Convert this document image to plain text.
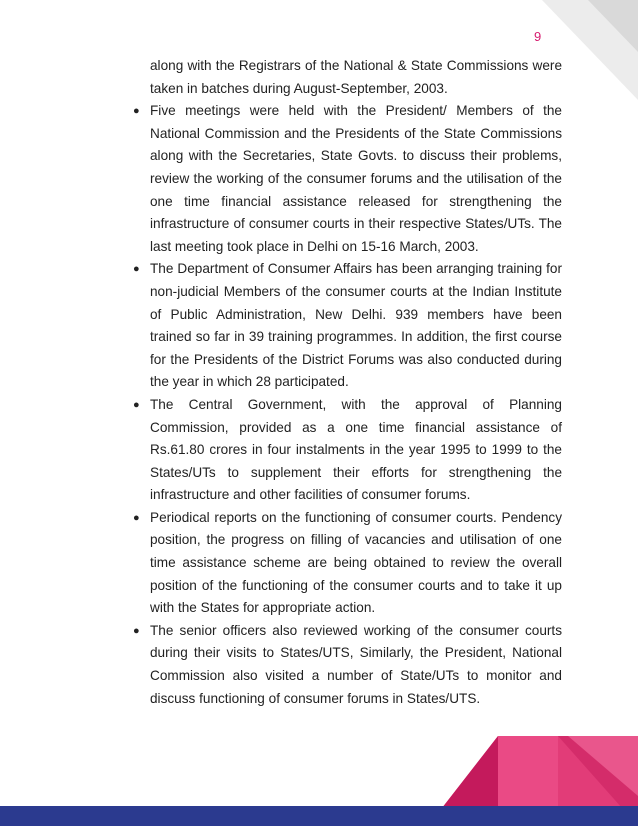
9

along with the Registrars of the National & State Commissions were taken in batches during August-September, 2003.

● Five meetings were held with the President/ Members of the National Commission and the Presidents of the State Commissions along with the Secretaries, State Govts. to discuss their problems, review the working of the consumer forums and the utilisation of the one time financial assistance released for strengthening the infrastructure of consumer courts in their respective States/UTs. The last meeting took place in Delhi on 15-16 March, 2003.
● The Department of Consumer Affairs has been arranging training for non-judicial Members of the consumer courts at the Indian Institute of Public Administration, New Delhi. 939 members have been trained so far in 39 training programmes. In addition, the first course for the Presidents of the District Forums was also conducted during the year in which 28 participated.
● The Central Government, with the approval of Planning Commission, provided as a one time financial assistance of Rs.61.80 crores in four instalments in the year 1995 to 1999 to the States/UTs to supplement their efforts for strengthening the infrastructure and other facilities of consumer forums.
● Periodical reports on the functioning of consumer courts. Pendency position, the progress on filling of vacancies and utilisation of one time assistance scheme are being obtained to review the overall position of the functioning of the consumer courts and to take it up with the States for appropriate action.
● The senior officers also reviewed working of the consumer courts during their visits to States/UTS, Similarly, the President, National Commission also visited a number of State/UTs to monitor and discuss functioning of consumer forums in States/UTS.
